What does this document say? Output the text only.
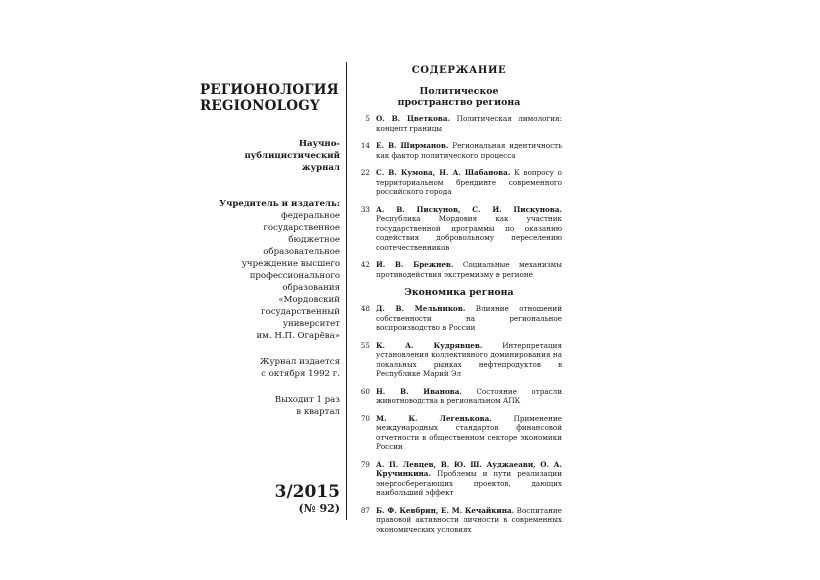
РЕГИОНОЛОГИЯ
REGIONOLOGY
Научно-
публицистический
журнал
Учредитель и издатель:
федеральное
государственное
бюджетное
образовательное
учреждение высшего
профессионального
образования
«Мордовский
государственный
университет
им. Н.П. Огарёва»
Журнал издается
с октября 1992 г.
Выходит 1 раз
в квартал
3/2015
(№ 92)
СОДЕРЖАНИЕ
Политическое
пространство региона
5 О. В. Цветкова. Политическая лимология: концепт границы
14 Е. В. Ширманов. Региональная идентичность как фактор политического процесса
22 С. В. Кумова, Н. А. Шабанова. К вопросу о территориальном брендинге современного российского города
33 А. В. Пискунов, С. И. Пискунова. Республика Мордовия как участник государственной программы по оказанию содействия добровольному переселению соотечественников
42 И. В. Брежнев. Социальные механизмы противодействия экстремизму в регионе
Экономика региона
48 Д. В. Мельников. Влияние отношений собственности на региональное воспроизводство в России
55 К. А. Кудрявцев. Интерпретация установления коллективного доминирования на локальных рынках нефтепродуктов в Республике Марий Эл
60 Н. В. Иванова. Состояние отрасли животноводства в региональном АПК
70 М. К. Легенькова. Применение международных стандартов финансовой отчетности в общественном секторе экономики России
79 А. П. Левцев, В. Ю. Ш. Ауджаеави, О. А. Кручинкина. Проблемы и пути реализации энергосберегающих проектов, дающих наибольший эффект
87 Б. Ф. Кевбрин, Е. М. Кечайкина. Воспитание правовой активности личности в современных экономических условиях
